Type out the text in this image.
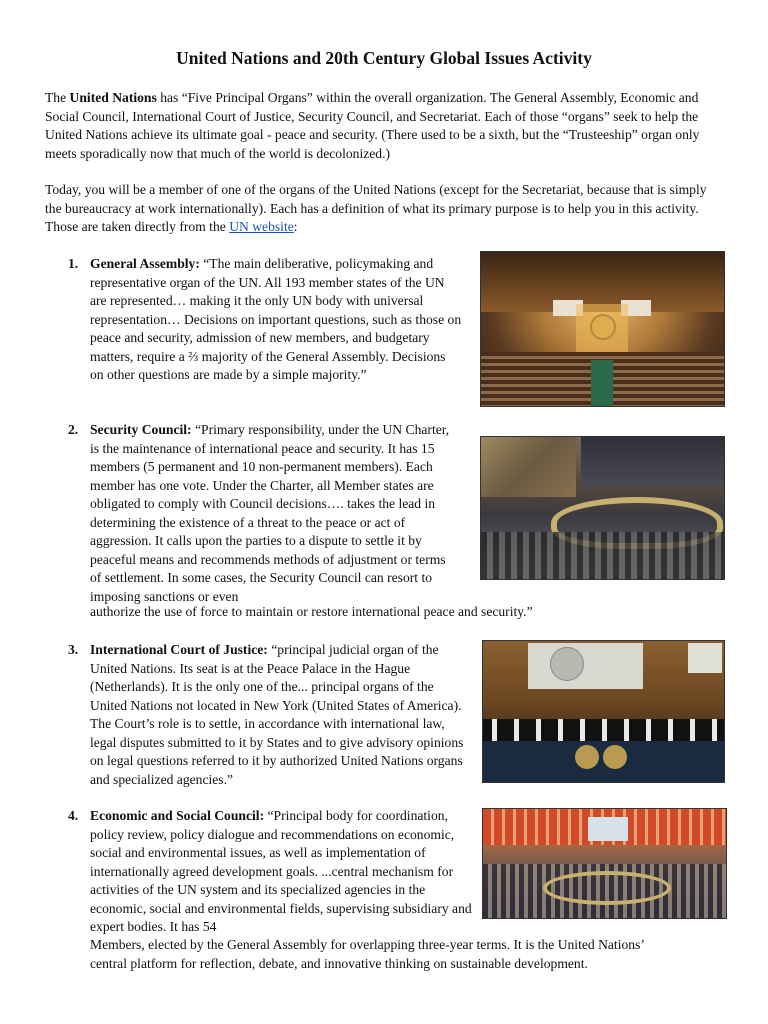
United Nations and 20th Century Global Issues Activity
The United Nations has “Five Principal Organs” within the overall organization. The General Assembly, Economic and Social Council, International Court of Justice, Security Council, and Secretariat. Each of those “organs” seek to help the United Nations achieve its ultimate goal - peace and security. (There used to be a sixth, but the “Trusteeship” organ only meets sporadically now that much of the world is decolonized.)
Today, you will be a member of one of the organs of the United Nations (except for the Secretariat, because that is simply the bureaucracy at work internationally). Each has a definition of what its primary purpose is to help you in this activity. Those are taken directly from the UN website:
1. General Assembly: “The main deliberative, policymaking and representative organ of the UN. All 193 member states of the UN are represented… making it the only UN body with universal representation… Decisions on important questions, such as those on peace and security, admission of new members, and budgetary matters, require a ⅔ majority of the General Assembly. Decisions on other questions are made by a simple majority.”
2. Security Council: “Primary responsibility, under the UN Charter, is the maintenance of international peace and security. It has 15 members (5 permanent and 10 non-permanent members). Each member has one vote. Under the Charter, all Member states are obligated to comply with Council decisions…. takes the lead in determining the existence of a threat to the peace or act of aggression. It calls upon the parties to a dispute to settle it by peaceful means and recommends methods of adjustment or terms of settlement. In some cases, the Security Council can resort to imposing sanctions or even
authorize the use of force to maintain or restore international peace and security.”
3. International Court of Justice: “principal judicial organ of the United Nations. Its seat is at the Peace Palace in the Hague (Netherlands). It is the only one of the... principal organs of the United Nations not located in New York (United States of America). The Court’s role is to settle, in accordance with international law, legal disputes submitted to it by States and to give advisory opinions on legal questions referred to it by authorized United Nations organs and specialized agencies.”
4. Economic and Social Council: “Principal body for coordination, policy review, policy dialogue and recommendations on economic, social and environmental issues, as well as implementation of internationally agreed development goals. ...central mechanism for activities of the UN system and its specialized agencies in the economic, social and environmental fields, supervising subsidiary and expert bodies. It has 54
Members, elected by the General Assembly for overlapping three-year terms. It is the United Nations’
central platform for reflection, debate, and innovative thinking on sustainable development.
